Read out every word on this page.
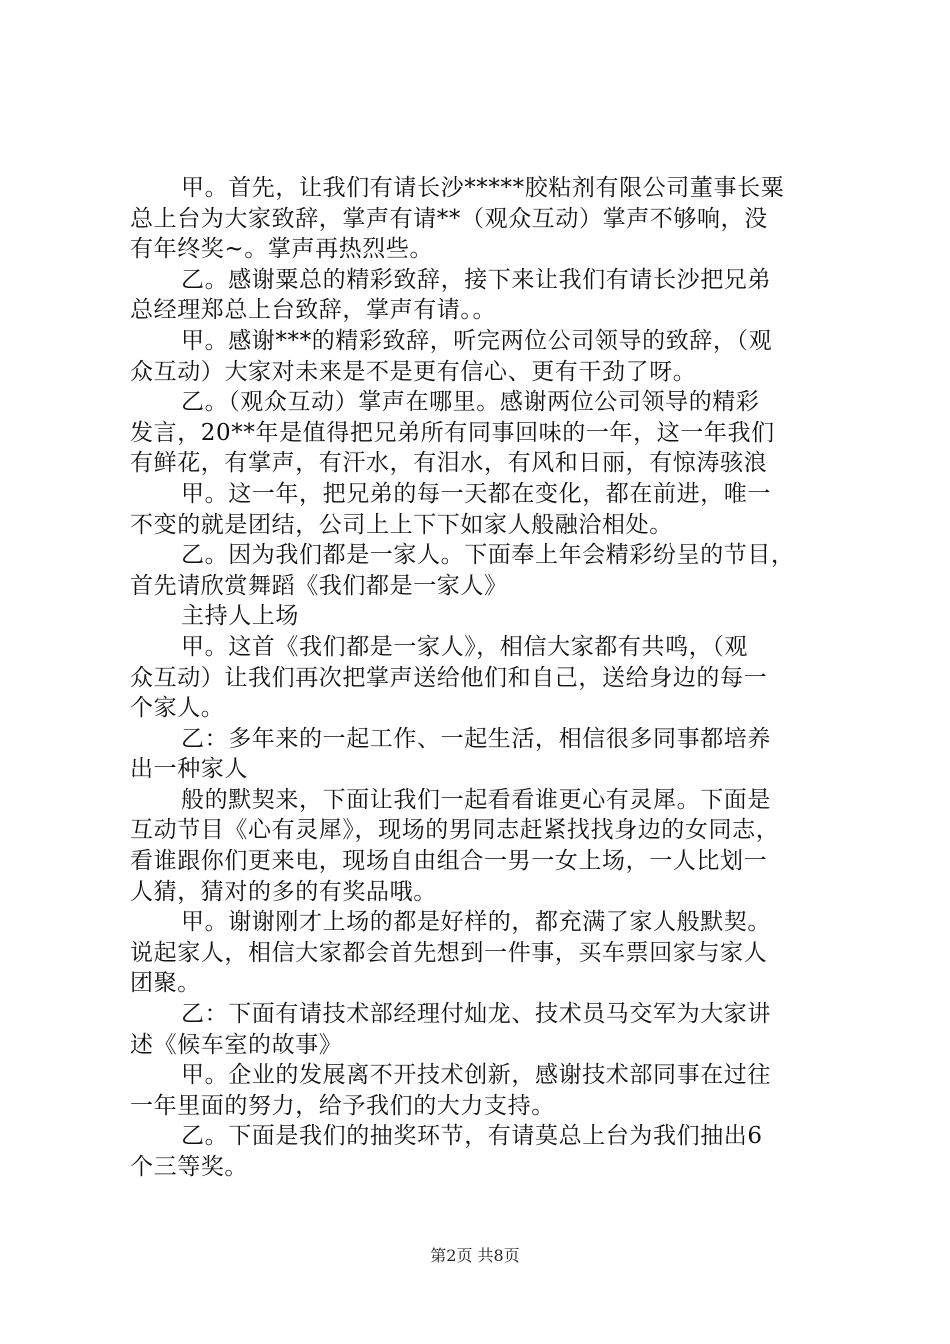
甲。首先，让我们有请长沙*****胶粘剂有限公司董事长粟
总上台为大家致辞，掌声有请**（观众互动）掌声不够响，没
有年终奖~。掌声再热烈些。
乙。感谢粟总的精彩致辞，接下来让我们有请长沙把兄弟
总经理郑总上台致辞，掌声有请。。
甲。感谢***的精彩致辞，听完两位公司领导的致辞，（观
众互动）大家对未来是不是更有信心、更有干劲了呀。
乙。（观众互动）掌声在哪里。感谢两位公司领导的精彩
发言，20**年是值得把兄弟所有同事回味的一年，这一年我们
有鲜花，有掌声，有汗水，有泪水，有风和日丽，有惊涛骇浪
甲。这一年，把兄弟的每一天都在变化，都在前进，唯一
不变的就是团结，公司上上下下如家人般融洽相处。
乙。因为我们都是一家人。下面奉上年会精彩纷呈的节目，
首先请欣赏舞蹈《我们都是一家人》
主持人上场
甲。这首《我们都是一家人》，相信大家都有共鸣，（观
众互动）让我们再次把掌声送给他们和自己，送给身边的每一
个家人。
乙：多年来的一起工作、一起生活，相信很多同事都培养
出一种家人
般的默契来，下面让我们一起看看谁更心有灵犀。下面是
互动节目《心有灵犀》，现场的男同志赶紧找找身边的女同志，
看谁跟你们更来电，现场自由组合一男一女上场，一人比划一
人猜，猜对的多的有奖品哦。
甲。谢谢刚才上场的都是好样的，都充满了家人般默契。
说起家人，相信大家都会首先想到一件事，买车票回家与家人
团聚。
乙：下面有请技术部经理付灿龙、技术员马交军为大家讲
述《候车室的故事》
甲。企业的发展离不开技术创新，感谢技术部同事在过往
一年里面的努力，给予我们的大力支持。
乙。下面是我们的抽奖环节，有请莫总上台为我们抽出6
个三等奖。
第2页 共8页
